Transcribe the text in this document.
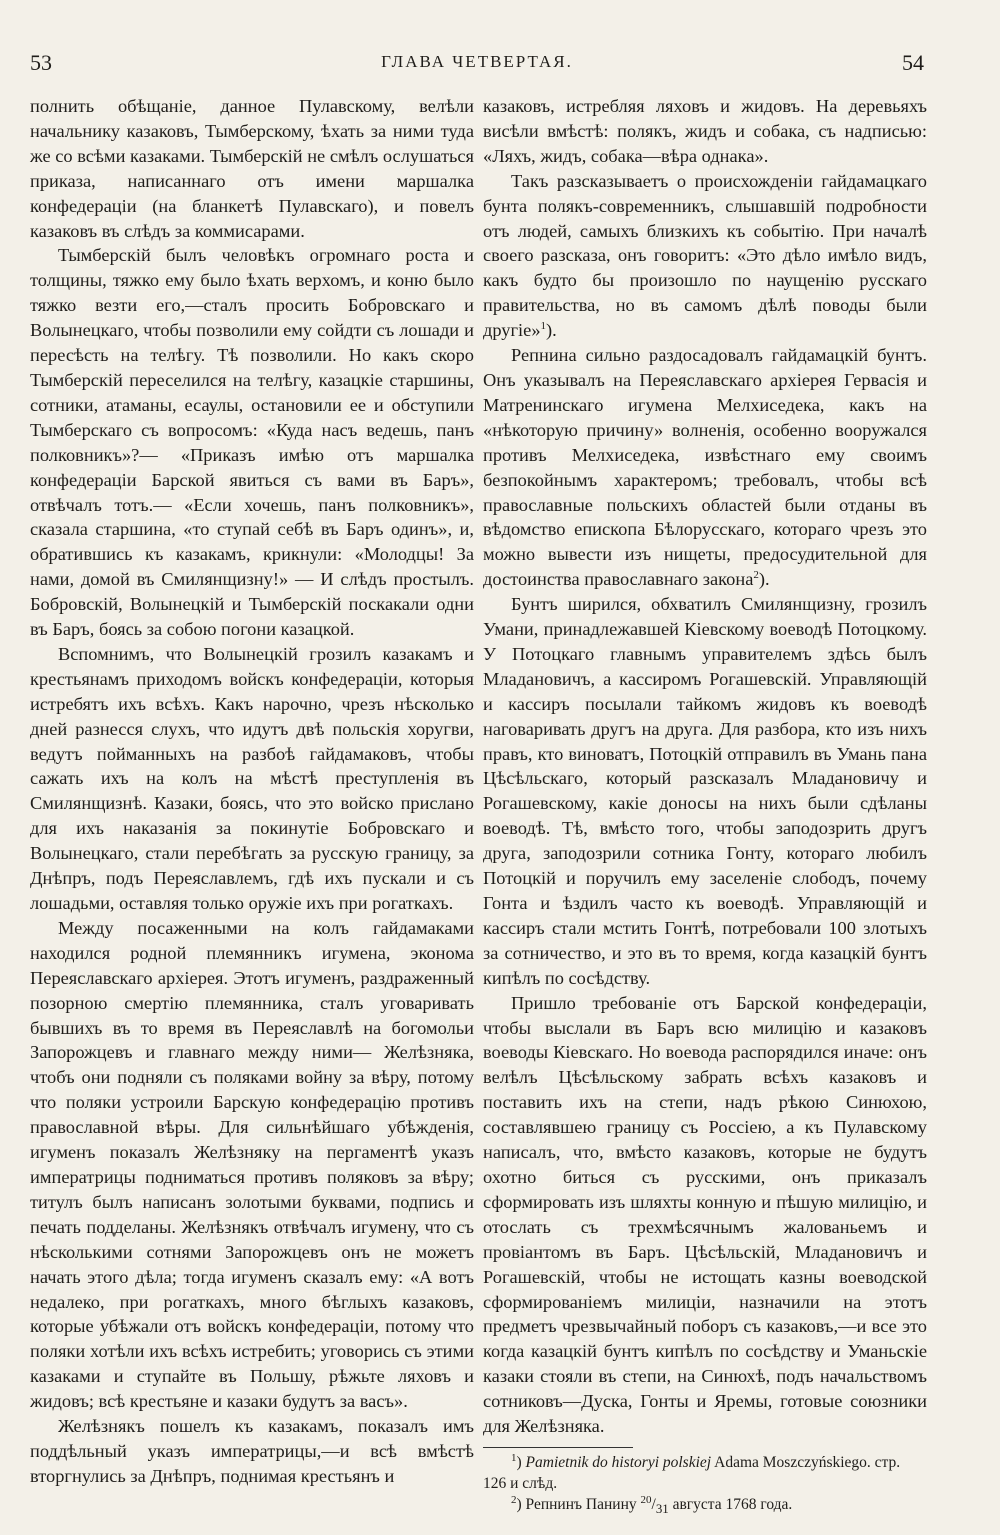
53	ГЛАВА ЧЕТВЕРТАЯ.	54

полнить обѣщаніе, данное Пулавскому, велѣли начальнику казаковъ, Тымберскому, ѣхать за ними туда же со всѣми казаками. Тымберскій не смѣлъ ослушаться приказа, написаннаго отъ имени маршалка конфедераціи (на бланкетѣ Пулавскаго), и повелъ казаковъ въ слѣдъ за коммисарами.

Тымберскій былъ человѣкъ огромнаго роста и толщины, тяжко ему было ѣхать верхомъ, и коню было тяжко везти его,—сталъ просить Бобровскаго и Волынецкаго, чтобы позволили ему сойдти съ лошади и пересѣсть на телѣгу. Тѣ позволили. Но какъ скоро Тымберскій переселился на телѣгу, казацкіе старшины, сотники, атаманы, есаулы, остановили ее и обступили Тымберскаго съ вопросомъ: «Куда насъ ведешь, панъ полковникъ»?— «Приказъ имѣю отъ маршалка конфедераціи Барской явиться съ вами въ Баръ», отвѣчалъ тотъ.— «Если хочешь, панъ полковникъ», сказала старшина, «то ступай себѣ въ Баръ одинъ», и, обратившись къ казакамъ, крикнули: «Молодцы! За нами, домой въ Смилянщизну!» — И слѣдъ простылъ. Бобровскій, Волынецкій и Тымберскій поскакали одни въ Баръ, боясь за собою погони казацкой.

Вспомнимъ, что Волынецкій грозилъ казакамъ и крестьянамъ приходомъ войскъ конфедераціи, которыя истребятъ ихъ всѣхъ. Какъ нарочно, чрезъ нѣсколько дней разнесся слухъ, что идутъ двѣ польскія хоругви, ведутъ пойманныхъ на разбоѣ гайдамаковъ, чтобы сажать ихъ на колъ на мѣстѣ преступленія въ Смилянщизнѣ. Казаки, боясь, что это войско прислано для ихъ наказанія за покинутіе Бобровскаго и Волынецкаго, стали перебѣгать за русскую границу, за Днѣпръ, подъ Переяславлемъ, гдѣ ихъ пускали и съ лошадьми, оставляя только оружіе ихъ при рогаткахъ.

Между посаженными на колъ гайдамаками находился родной племянникъ игумена, эконома Переяславскаго архіерея. Этотъ игуменъ, раздраженный позорною смертію племянника, сталъ уговаривать бывшихъ въ то время въ Переяславлѣ на богомольи Запорожцевъ и главнаго между ними— Желѣзняка, чтобъ они подняли съ поляками войну за вѣру, потому что поляки устроили Барскую конфедерацію противъ православной вѣры. Для сильнѣйшаго убѣжденія, игуменъ показалъ Желѣзняку на пергаментѣ указъ императрицы подниматься противъ поляковъ за вѣру; титулъ былъ написанъ золотыми буквами, подпись и печать подделаны. Желѣзнякъ отвѣчалъ игумену, что съ нѣсколькими сотнями Запорожцевъ онъ не можетъ начать этого дѣла; тогда игуменъ сказалъ ему: «А вотъ недалеко, при рогаткахъ, много бѣглыхъ казаковъ, которые убѣжали отъ войскъ конфедераціи, потому что поляки хотѣли ихъ всѣхъ истребить; уговорись съ этими казаками и ступайте въ Польшу, рѣжьте ляховъ и жидовъ; всѣ крестьяне и казаки будутъ за васъ».

Желѣзнякъ пошелъ къ казакамъ, показалъ имъ поддѣльный указъ императрицы,—и всѣ вмѣстѣ вторгнулись за Днѣпръ, поднимая крестьянъ и

казаковъ, истребляя ляховъ и жидовъ. На деревьяхъ висѣли вмѣстѣ: полякъ, жидъ и собака, съ надписью: «Ляхъ, жидъ, собака—вѣра однака».

Такъ разсказываетъ о происхожденіи гайдамацкаго бунта полякъ-современникъ, слышавшій подробности отъ людей, самыхъ близкихъ къ событію. При началѣ своего разсказа, онъ говоритъ: «Это дѣло имѣло видъ, какъ будто бы произошло по наущенію русскаго правительства, но въ самомъ дѣлѣ поводы были другіе»$^1$).

Репнина сильно раздосадовалъ гайдамацкій бунтъ. Онъ указывалъ на Переяславскаго архіерея Гервасія и Матренинскаго игумена Мелхиседека, какъ на «нѣкоторую причину» волненія, особенно вооружался противъ Мелхиседека, извѣстнаго ему своимъ безпокойнымъ характеромъ; требовалъ, чтобы всѣ православные польскихъ областей были отданы въ вѣдомство епископа Бѣлорусскаго, котораго чрезъ это можно вывести изъ нищеты, предосудительной для достоинства православнаго закона$^2$).

Бунтъ ширился, обхватилъ Смилянщизну, грозилъ Умани, принадлежавшей Кіевскому воеводѣ Потоцкому. У Потоцкаго главнымъ управителемъ здѣсь былъ Младановичъ, а кассиромъ Рогашевскій. Управляющій и кассиръ посылали тайкомъ жидовъ къ воеводѣ наговаривать другъ на друга. Для разбора, кто изъ нихъ правъ, кто виноватъ, Потоцкій отправилъ въ Умань пана Цѣсѣльскаго, который разсказалъ Младановичу и Рогашевскому, какіе доносы на нихъ были сдѣланы воеводѣ. Тѣ, вмѣсто того, чтобы заподозрить другъ друга, заподозрили сотника Гонту, котораго любилъ Потоцкій и поручилъ ему заселеніе слободъ, почему Гонта и ѣздилъ часто къ воеводѣ. Управляющій и кассиръ стали мстить Гонтѣ, потребовали 100 злотыхъ за сотничество, и это въ то время, когда казацкій бунтъ кипѣлъ по сосѣдству.

Пришло требованіе отъ Барской конфедераціи, чтобы выслали въ Баръ всю милицію и казаковъ воеводы Кіевскаго. Но воевода распорядился иначе: онъ велѣлъ Цѣсѣльскому забрать всѣхъ казаковъ и поставить ихъ на степи, надъ рѣкою Синюхою, составлявшею границу съ Россіею, а къ Пулавскому написалъ, что, вмѣсто казаковъ, которые не будутъ охотно биться съ русскими, онъ приказалъ сформировать изъ шляхты конную и пѣшую милицію, и отослать съ трехмѣсячнымъ жалованьемъ и провіантомъ въ Баръ. Цѣсѣльскій, Младановичъ и Рогашевскій, чтобы не истощать казны воеводской сформированіемъ милиціи, назначили на этотъ предметъ чрезвычайный поборъ съ казаковъ,—и все это когда казацкій бунтъ кипѣлъ по сосѣдству и Уманьскіе казаки стояли въ степи, на Синюхѣ, подъ начальствомъ сотниковъ—Дуска, Гонты и Яремы, готовые союзники для Желѣзняка.

$^1$) Pamietnik do historyi polskiej Adama Moszczyńskiego. стр. 126 и слѣд.
$^2$) Репнинъ Панину $^{20}/_{31}$ августа 1768 года.
